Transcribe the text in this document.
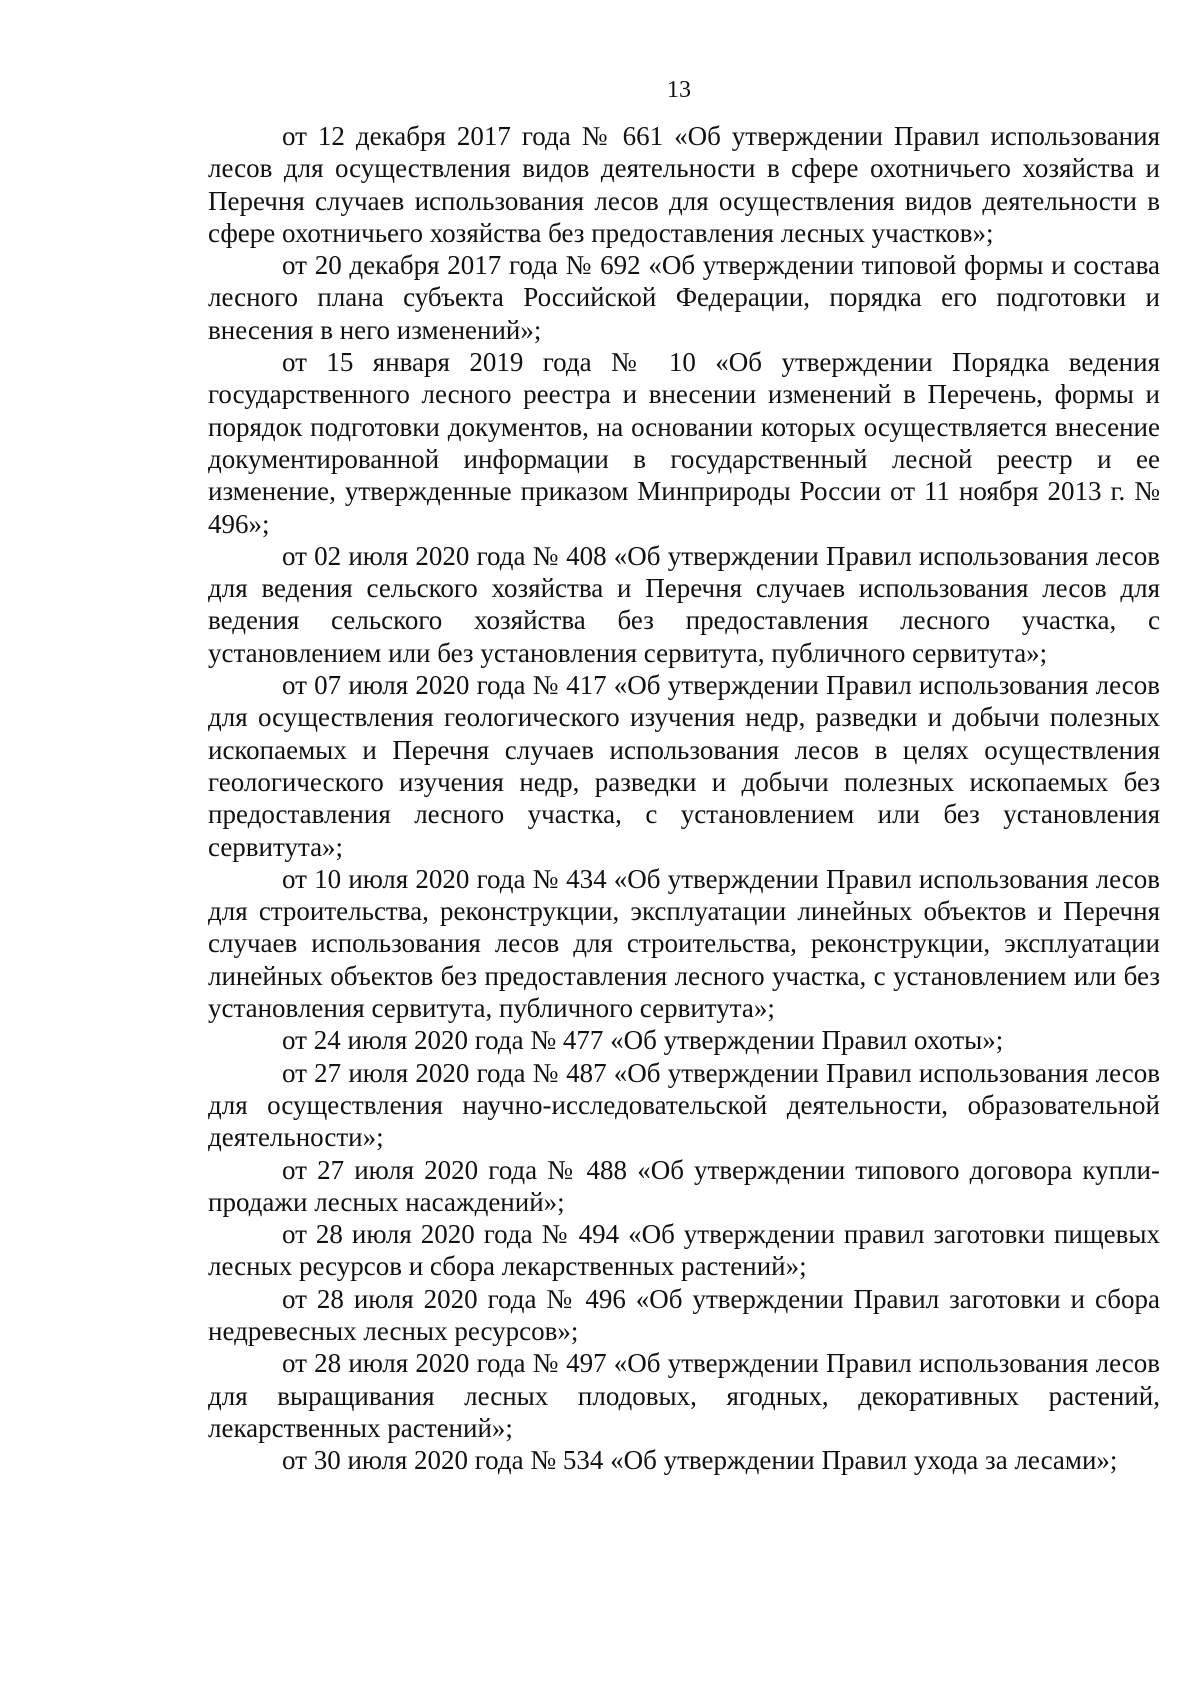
13

от 12 декабря 2017 года № 661 «Об утверждении Правил использования лесов для осуществления видов деятельности в сфере охотничьего хозяйства и Перечня случаев использования лесов для осуществления видов деятельности в сфере охотничьего хозяйства без предоставления лесных участков»;

от 20 декабря 2017 года № 692 «Об утверждении типовой формы и состава лесного плана субъекта Российской Федерации, порядка его подготовки и внесения в него изменений»;

от 15 января 2019 года № 10 «Об утверждении Порядка ведения государственного лесного реестра и внесении изменений в Перечень, формы и порядок подготовки документов, на основании которых осуществляется внесение документированной информации в государственный лесной реестр и ее изменение, утвержденные приказом Минприроды России от 11 ноября 2013 г. № 496»;

от 02 июля 2020 года № 408 «Об утверждении Правил использования лесов для ведения сельского хозяйства и Перечня случаев использования лесов для ведения сельского хозяйства без предоставления лесного участка, с установлением или без установления сервитута, публичного сервитута»;

от 07 июля 2020 года № 417 «Об утверждении Правил использования лесов для осуществления геологического изучения недр, разведки и добычи полезных ископаемых и Перечня случаев использования лесов в целях осуществления геологического изучения недр, разведки и добычи полезных ископаемых без предоставления лесного участка, с установлением или без установления сервитута»;

от 10 июля 2020 года № 434 «Об утверждении Правил использования лесов для строительства, реконструкции, эксплуатации линейных объектов и Перечня случаев использования лесов для строительства, реконструкции, эксплуатации линейных объектов без предоставления лесного участка, с установлением или без установления сервитута, публичного сервитута»;

от 24 июля 2020 года № 477 «Об утверждении Правил охоты»;

от 27 июля 2020 года № 487 «Об утверждении Правил использования лесов для осуществления научно-исследовательской деятельности, образовательной деятельности»;

от 27 июля 2020 года № 488 «Об утверждении типового договора купли-продажи лесных насаждений»;

от 28 июля 2020 года № 494 «Об утверждении правил заготовки пищевых лесных ресурсов и сбора лекарственных растений»;

от 28 июля 2020 года № 496 «Об утверждении Правил заготовки и сбора недревесных лесных ресурсов»;

от 28 июля 2020 года № 497 «Об утверждении Правил использования лесов для выращивания лесных плодовых, ягодных, декоративных растений, лекарственных растений»;

от 30 июля 2020 года № 534 «Об утверждении Правил ухода за лесами»;
